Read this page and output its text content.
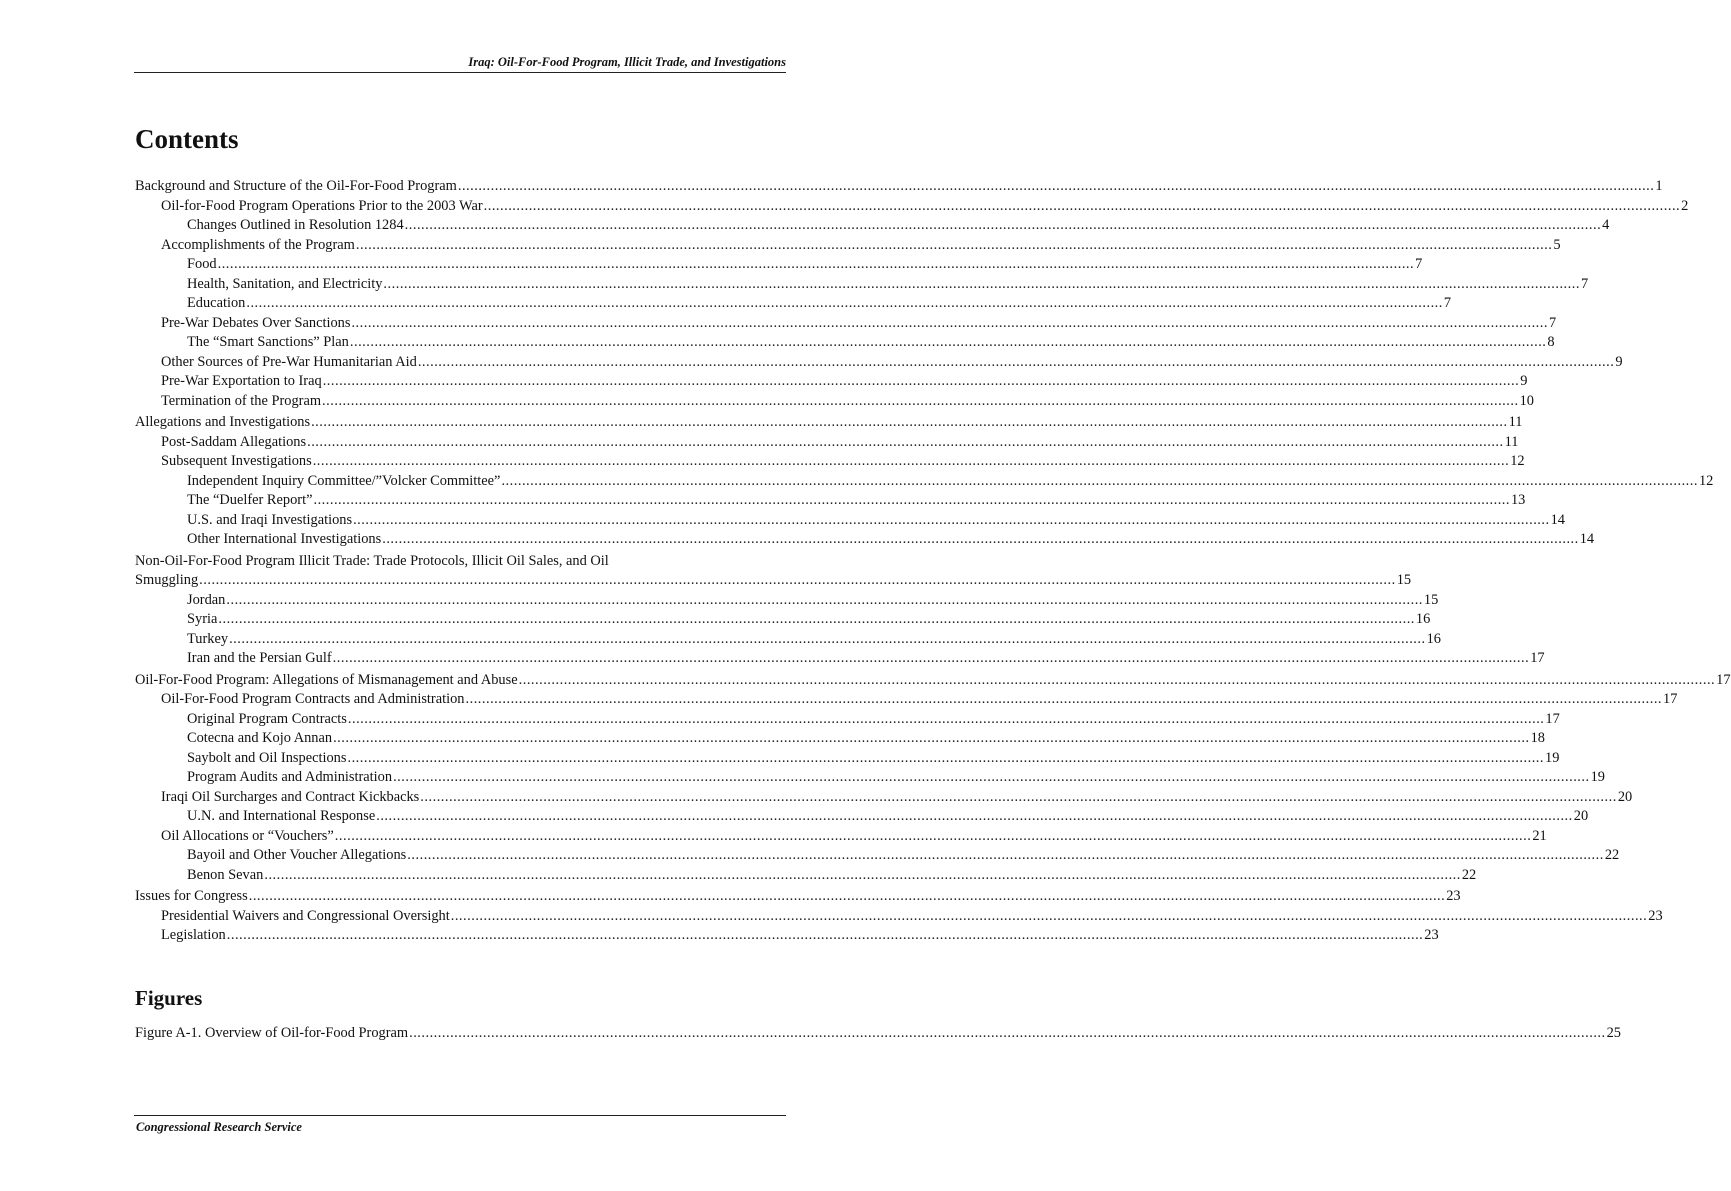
Iraq: Oil-For-Food Program, Illicit Trade, and Investigations
Contents
Background and Structure of the Oil-For-Food Program .....	1
Oil-for-Food Program Operations Prior to the 2003 War .....	2
Changes Outlined in Resolution 1284 .....	4
Accomplishments of the Program .....	5
Food .....	7
Health, Sanitation, and Electricity .....	7
Education .....	7
Pre-War Debates Over Sanctions .....	7
The “Smart Sanctions” Plan .....	8
Other Sources of Pre-War Humanitarian Aid .....	9
Pre-War Exportation to Iraq .....	9
Termination of the Program .....	10
Allegations and Investigations .....	11
Post-Saddam Allegations .....	11
Subsequent Investigations .....	12
Independent Inquiry Committee/”Volcker Committee” .....	12
The “Duelfer Report” .....	13
U.S. and Iraqi Investigations .....	14
Other International Investigations .....	14
Non-Oil-For-Food Program Illicit Trade: Trade Protocols, Illicit Oil Sales, and Oil
Smuggling .....	15
Jordan .....	15
Syria .....	16
Turkey .....	16
Iran and the Persian Gulf .....	17
Oil-For-Food Program: Allegations of Mismanagement and Abuse .....	17
Oil-For-Food Program Contracts and Administration .....	17
Original Program Contracts .....	17
Cotecna and Kojo Annan .....	18
Saybolt and Oil Inspections .....	19
Program Audits and Administration .....	19
Iraqi Oil Surcharges and Contract Kickbacks .....	20
U.N. and International Response .....	20
Oil Allocations or “Vouchers” .....	21
Bayoil and Other Voucher Allegations .....	22
Benon Sevan .....	22
Issues for Congress .....	23
Presidential Waivers and Congressional Oversight .....	23
Legislation .....	23
Figures
Figure A-1. Overview of Oil-for-Food Program .....	25
Congressional Research Service
